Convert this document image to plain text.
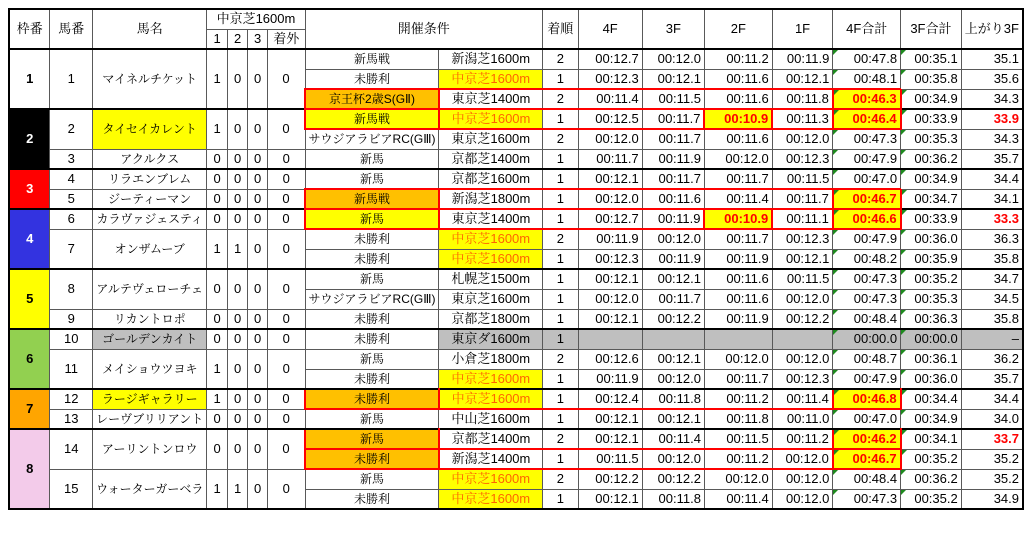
枠番	馬番	馬名	中京芝1600m				開催条件		着順	4F	3F	2F	1F	4F合計	3F合計	上がり3F
			1	2	3	着外										
1	1	マイネルチケット	1	0	0	0	新馬戦	新潟芝1600m	2	00:12.7	00:12.0	00:11.2	00:11.9	00:47.8	00:35.1	35.1
							未勝利	中京芝1600m	1	00:12.3	00:12.1	00:11.6	00:12.1	00:48.1	00:35.8	35.6
							京王杯2歳S(GⅡ)	東京芝1400m	2	00:11.4	00:11.5	00:11.6	00:11.8	00:46.3	00:34.9	34.3
2	2	タイセイカレント	1	0	0	0	新馬戦	中京芝1600m	1	00:12.5	00:11.7	00:10.9	00:11.3	00:46.4	00:33.9	33.9
							サウジアラビアRC(GⅢ)	東京芝1600m	2	00:12.0	00:11.7	00:11.6	00:12.0	00:47.3	00:35.3	34.3
	3	アクルクス	0	0	0	0	新馬	京都芝1400m	1	00:11.7	00:11.9	00:12.0	00:12.3	00:47.9	00:36.2	35.7
3	4	リラエンブレム	0	0	0	0	新馬	京都芝1600m	1	00:12.1	00:11.7	00:11.7	00:11.5	00:47.0	00:34.9	34.4
	5	ジーティーマン	0	0	0	0	新馬戦	新潟芝1800m	1	00:12.0	00:11.6	00:11.4	00:11.7	00:46.7	00:34.7	34.1
4	6	カラヴァジェスティ	0	0	0	0	新馬	東京芝1400m	1	00:12.7	00:11.9	00:10.9	00:11.1	00:46.6	00:33.9	33.3
	7	オンザムーブ	1	1	0	0	未勝利	中京芝1600m	2	00:11.9	00:12.0	00:11.7	00:12.3	00:47.9	00:36.0	36.3
							未勝利	中京芝1600m	1	00:12.3	00:11.9	00:11.9	00:12.1	00:48.2	00:35.9	35.8
5	8	アルテヴェローチェ	0	0	0	0	新馬	札幌芝1500m	1	00:12.1	00:12.1	00:11.6	00:11.5	00:47.3	00:35.2	34.7
							サウジアラビアRC(GⅢ)	東京芝1600m	1	00:12.0	00:11.7	00:11.6	00:12.0	00:47.3	00:35.3	34.5
	9	リカントロポ	0	0	0	0	未勝利	京都芝1800m	1	00:12.1	00:12.2	00:11.9	00:12.2	00:48.4	00:36.3	35.8
6	10	ゴールデンカイト	0	0	0	0	未勝利	東京ダ1600m	1					00:00.0	00:00.0	–
	11	メイショウツヨキ	1	0	0	0	新馬	小倉芝1800m	2	00:12.6	00:12.1	00:12.0	00:12.0	00:48.7	00:36.1	36.2
							未勝利	中京芝1600m	1	00:11.9	00:12.0	00:11.7	00:12.3	00:47.9	00:36.0	35.7
7	12	ラージギャラリー	1	0	0	0	未勝利	中京芝1600m	1	00:12.4	00:11.8	00:11.2	00:11.4	00:46.8	00:34.4	34.4
	13	レーヴブリリアント	0	0	0	0	新馬	中山芝1600m	1	00:12.1	00:12.1	00:11.8	00:11.0	00:47.0	00:34.9	34.0
8	14	アーリントンロウ	0	0	0	0	新馬	京都芝1400m	2	00:12.1	00:11.4	00:11.5	00:11.2	00:46.2	00:34.1	33.7
							未勝利	新潟芝1400m	1	00:11.5	00:12.0	00:11.2	00:12.0	00:46.7	00:35.2	35.2
	15	ウォーターガーベラ	1	1	0	0	新馬	中京芝1600m	2	00:12.2	00:12.2	00:12.0	00:12.0	00:48.4	00:36.2	35.2
							未勝利	中京芝1600m	1	00:12.1	00:11.8	00:11.4	00:12.0	00:47.3	00:35.2	34.9
